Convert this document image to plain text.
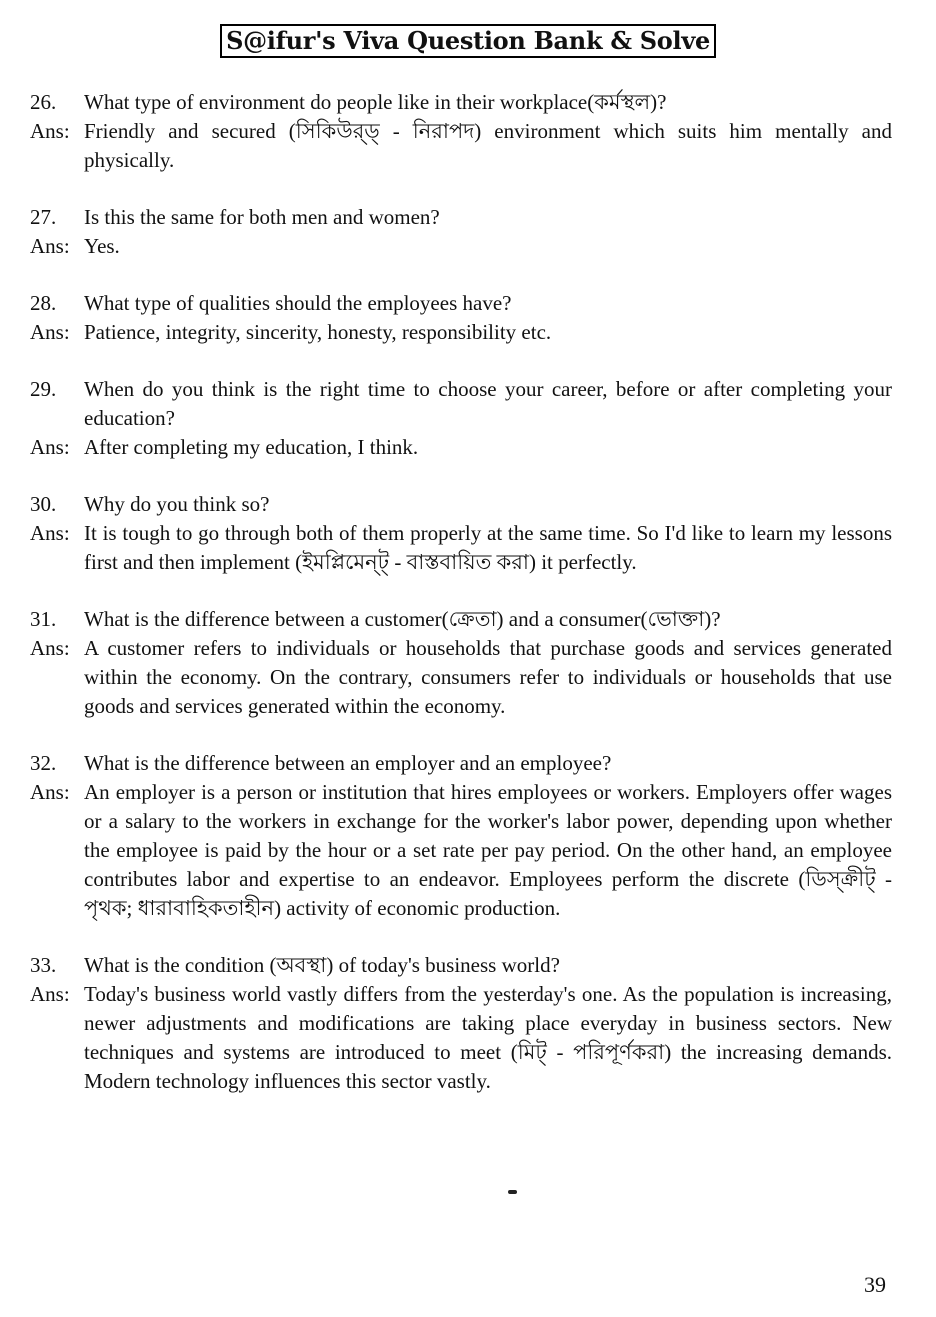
S@ifur's Viva Question Bank & Solve
26.	What type of environment do people like in their workplace(কর্মস্থল)?
Ans: Friendly and secured (সিকিউর্‌ড্‌ - নিরাপদ) environment which suits him mentally and physically.
27.	Is this the same for both men and women?
Ans: Yes.
28.	What type of qualities should the employees have?
Ans: Patience, integrity, sincerity, honesty, responsibility etc.
29.	When do you think is the right time to choose your career, before or after completing your education?
Ans: After completing my education, I think.
30.	Why do you think so?
Ans: It is tough to go through both of them properly at the same time. So I'd like to learn my lessons first and then implement (ইমপ্লিমেন্ট্‌ - বাস্তবায়িত করা) it perfectly.
31.	What is the difference between a customer(ক্রেতা) and a consumer(ভোক্তা)?
Ans: A customer refers to individuals or households that purchase goods and services generated within the economy. On the contrary, consumers refer to individuals or households that use goods and services generated within the economy.
32.	What is the difference between an employer and an employee?
Ans: An employer is a person or institution that hires employees or workers. Employers offer wages or a salary to the workers in exchange for the worker's labor power, depending upon whether the employee is paid by the hour or a set rate per pay period. On the other hand, an employee contributes labor and expertise to an endeavor. Employees perform the discrete (ডিস্‌ক্রীট্‌ - পৃথক; ধারাবাহিকতাহীন) activity of economic production.
33.	What is the condition (অবস্থা) of today's business world?
Ans: Today's business world vastly differs from the yesterday's one. As the population is increasing, newer adjustments and modifications are taking place everyday in business sectors. New techniques and systems are introduced to meet (মিট্‌ - পরিপূর্ণকরা) the increasing demands. Modern technology influences this sector vastly.
39
